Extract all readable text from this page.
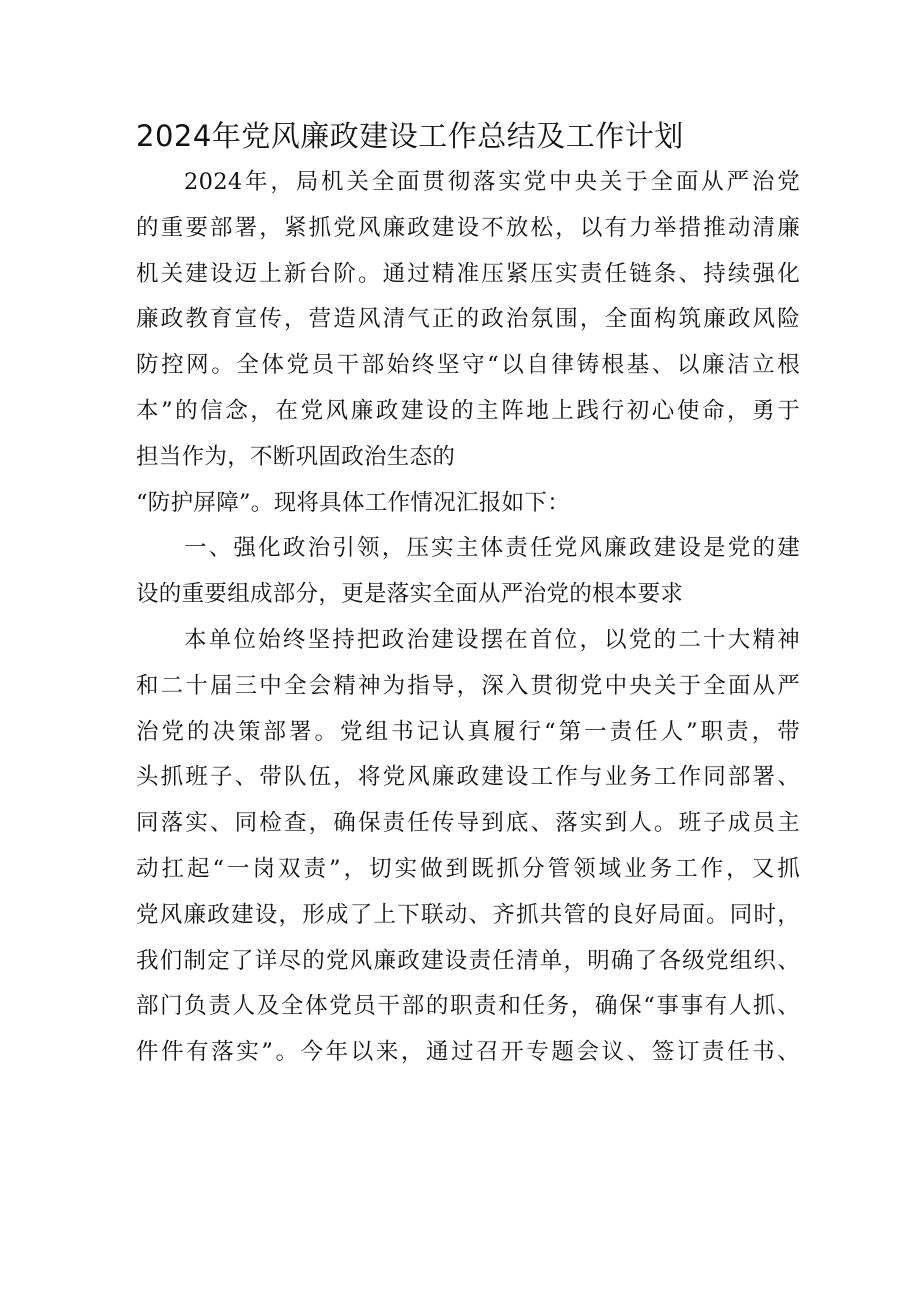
2024年党风廉政建设工作总结及工作计划
2024年，局机关全面贯彻落实党中央关于全面从严治党
的重要部署，紧抓党风廉政建设不放松，以有力举措推动清廉
机关建设迈上新台阶。通过精准压紧压实责任链条、持续强化
廉政教育宣传，营造风清气正的政治氛围，全面构筑廉政风险
防控网。全体党员干部始终坚守“以自律铸根基、以廉洁立根
本”的信念，在党风廉政建设的主阵地上践行初心使命，勇于
担当作为，不断巩固政治生态的
“防护屏障”。现将具体工作情况汇报如下：
一、强化政治引领，压实主体责任党风廉政建设是党的建
设的重要组成部分，更是落实全面从严治党的根本要求
本单位始终坚持把政治建设摆在首位，以党的二十大精神
和二十届三中全会精神为指导，深入贯彻党中央关于全面从严
治党的决策部署。党组书记认真履行“第一责任人”职责，带
头抓班子、带队伍，将党风廉政建设工作与业务工作同部署、
同落实、同检查，确保责任传导到底、落实到人。班子成员主
动扛起“一岗双责”，切实做到既抓分管领域业务工作，又抓
党风廉政建设，形成了上下联动、齐抓共管的良好局面。同时，
我们制定了详尽的党风廉政建设责任清单，明确了各级党组织、
部门负责人及全体党员干部的职责和任务，确保“事事有人抓、
件件有落实”。今年以来，通过召开专题会议、签订责任书、
